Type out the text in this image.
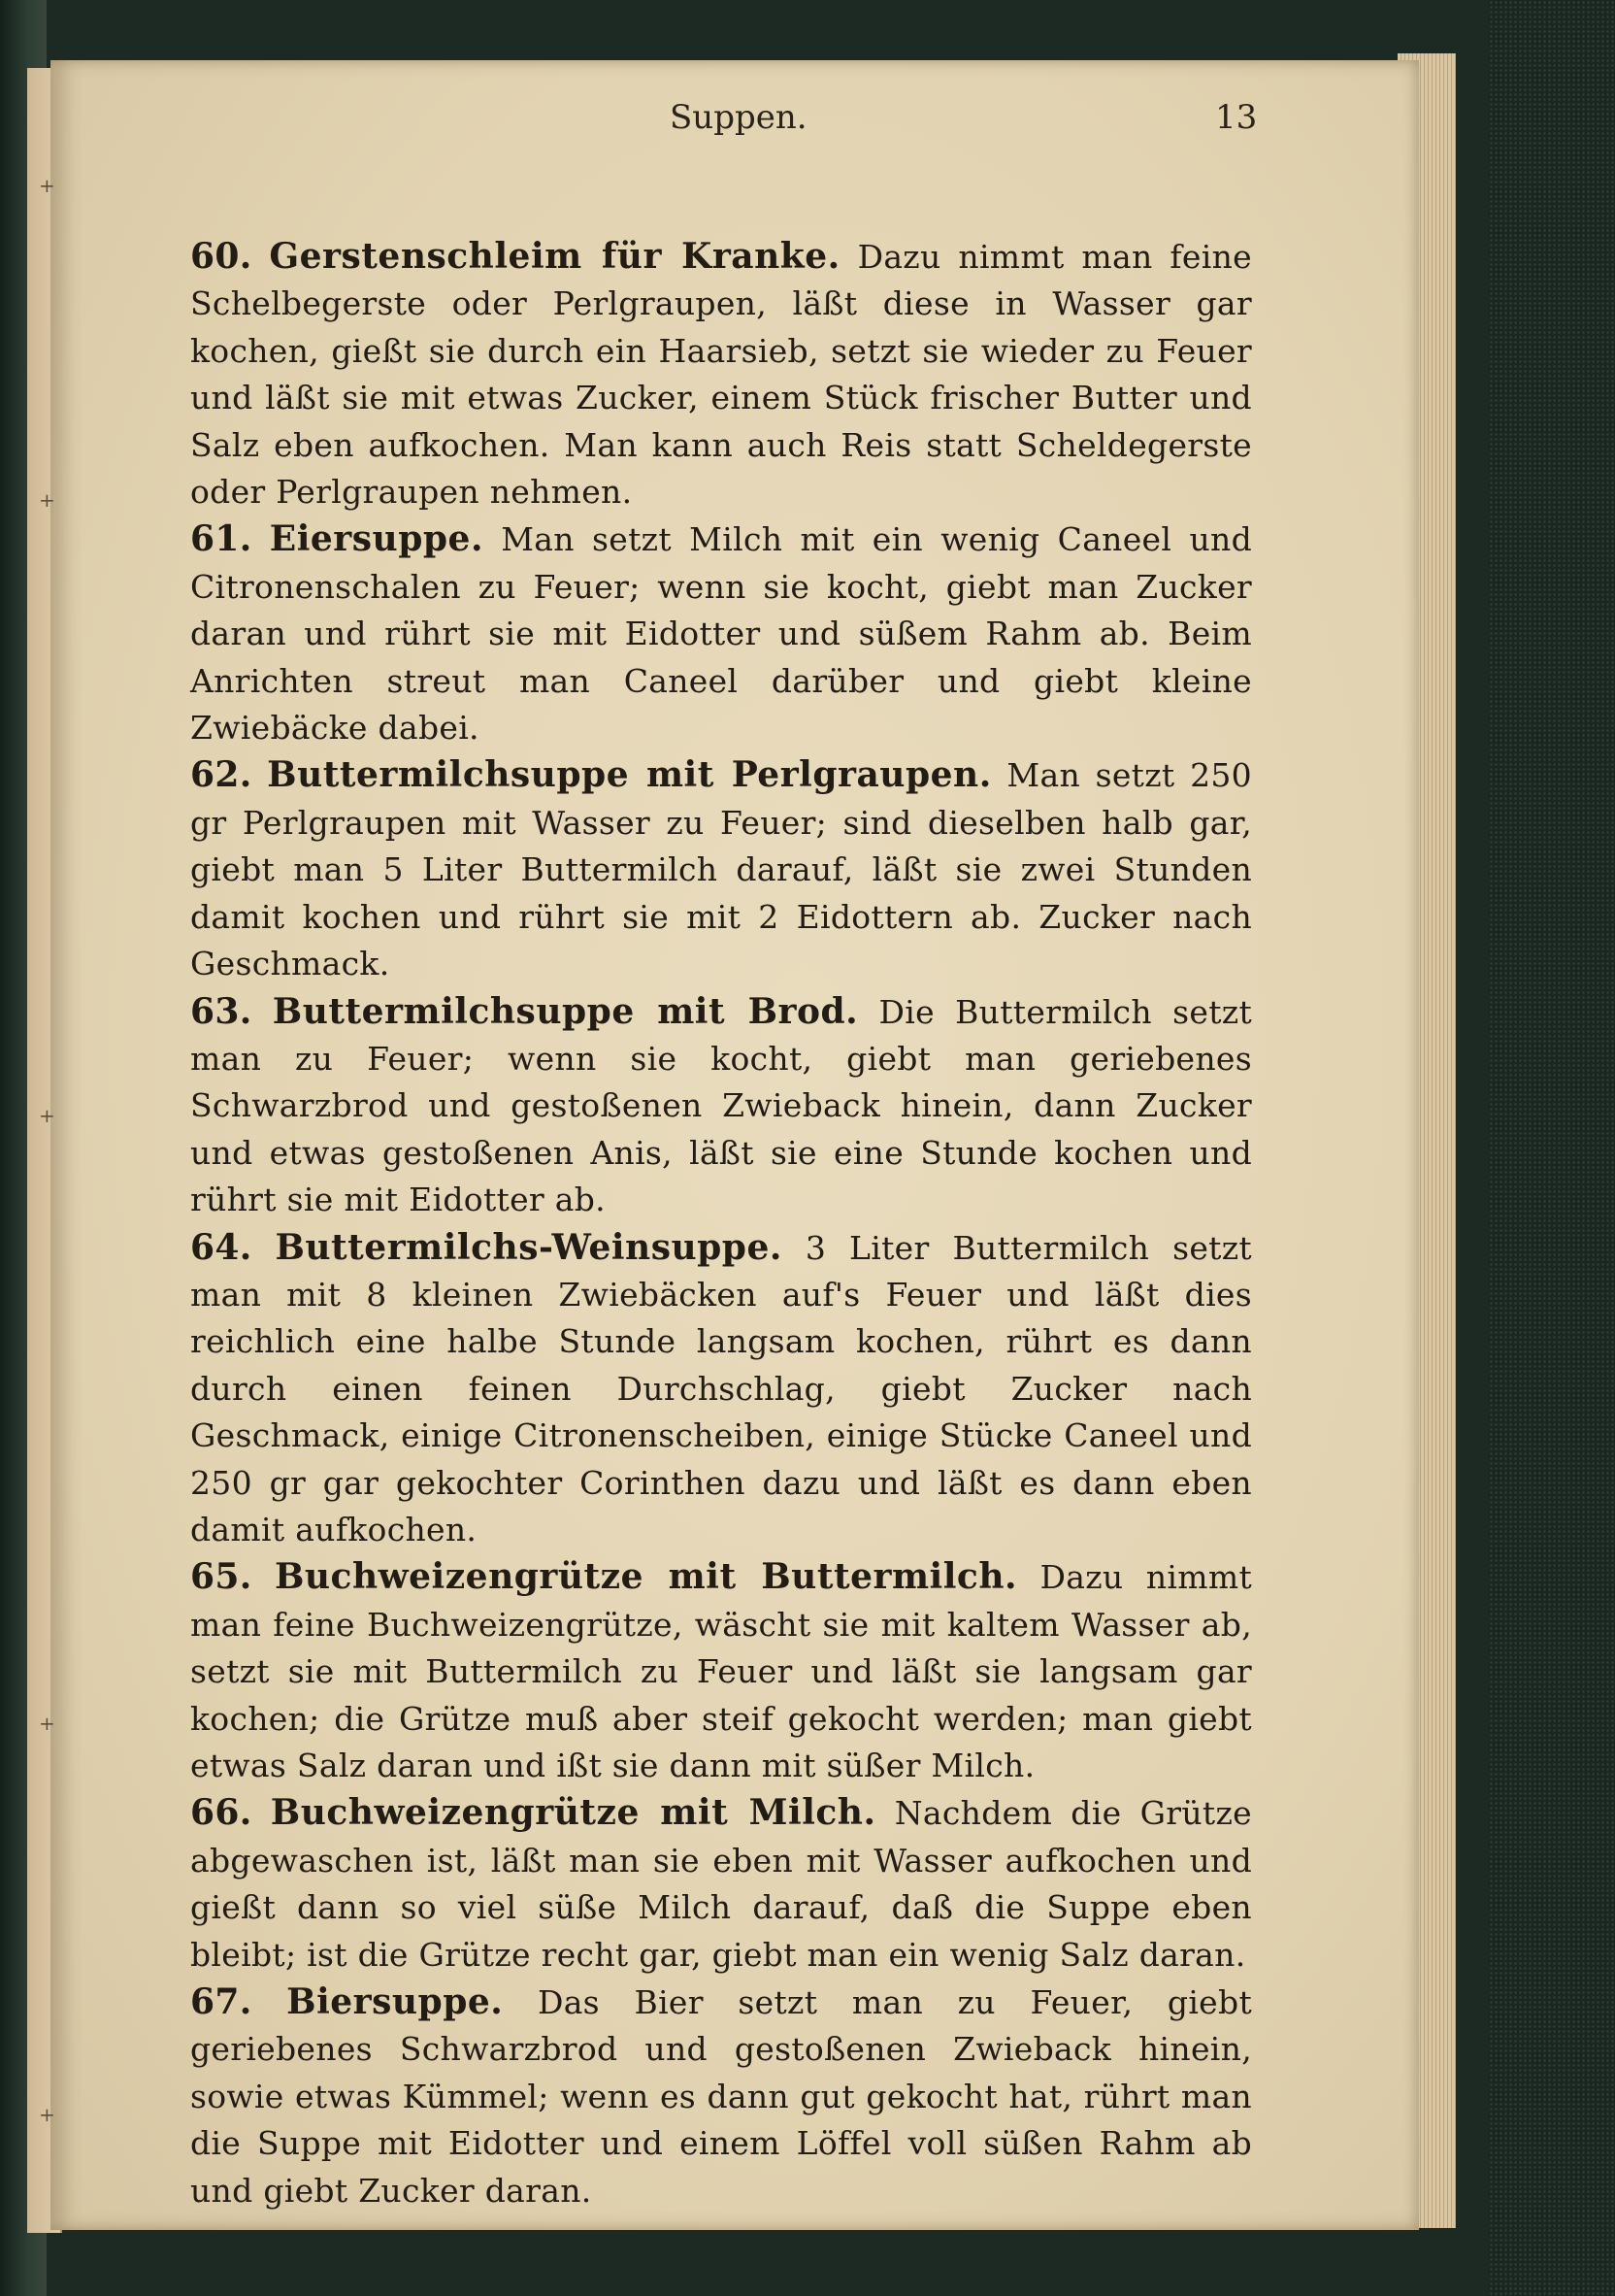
+
+
+
+
+
Suppen.	13

60. Gerstenschleim für Kranke. Dazu nimmt man feine Schelbegerste oder Perlgraupen, läßt diese in Wasser gar kochen, gießt sie durch ein Haarsieb, setzt sie wieder zu Feuer und läßt sie mit etwas Zucker, einem Stück frischer Butter und Salz eben aufkochen. Man kann auch Reis statt Scheldegerste oder Perlgraupen nehmen.

61. Eiersuppe. Man setzt Milch mit ein wenig Caneel und Citronenschalen zu Feuer; wenn sie kocht, giebt man Zucker daran und rührt sie mit Eidotter und süßem Rahm ab. Beim Anrichten streut man Caneel darüber und giebt kleine Zwiebäcke dabei.

62. Buttermilchsuppe mit Perlgraupen. Man setzt 250 gr Perlgraupen mit Wasser zu Feuer; sind dieselben halb gar, giebt man 5 Liter Buttermilch darauf, läßt sie zwei Stunden damit kochen und rührt sie mit 2 Eidottern ab. Zucker nach Geschmack.

63. Buttermilchsuppe mit Brod. Die Buttermilch setzt man zu Feuer; wenn sie kocht, giebt man geriebenes Schwarzbrod und gestoßenen Zwieback hinein, dann Zucker und etwas gestoßenen Anis, läßt sie eine Stunde kochen und rührt sie mit Eidotter ab.

64. Buttermilchs-Weinsuppe. 3 Liter Buttermilch setzt man mit 8 kleinen Zwiebäcken auf's Feuer und läßt dies reichlich eine halbe Stunde langsam kochen, rührt es dann durch einen feinen Durchschlag, giebt Zucker nach Geschmack, einige Citronenscheiben, einige Stücke Caneel und 250 gr gar gekochter Corinthen dazu und läßt es dann eben damit aufkochen.

65. Buchweizengrütze mit Buttermilch. Dazu nimmt man feine Buchweizengrütze, wäscht sie mit kaltem Wasser ab, setzt sie mit Buttermilch zu Feuer und läßt sie langsam gar kochen; die Grütze muß aber steif gekocht werden; man giebt etwas Salz daran und ißt sie dann mit süßer Milch.

66. Buchweizengrütze mit Milch. Nachdem die Grütze abgewaschen ist, läßt man sie eben mit Wasser aufkochen und gießt dann so viel süße Milch darauf, daß die Suppe eben bleibt; ist die Grütze recht gar, giebt man ein wenig Salz daran.

67. Biersuppe. Das Bier setzt man zu Feuer, giebt geriebenes Schwarzbrod und gestoßenen Zwieback hinein, sowie etwas Kümmel; wenn es dann gut gekocht hat, rührt man die Suppe mit Eidotter und einem Löffel voll süßen Rahm ab und giebt Zucker daran.
